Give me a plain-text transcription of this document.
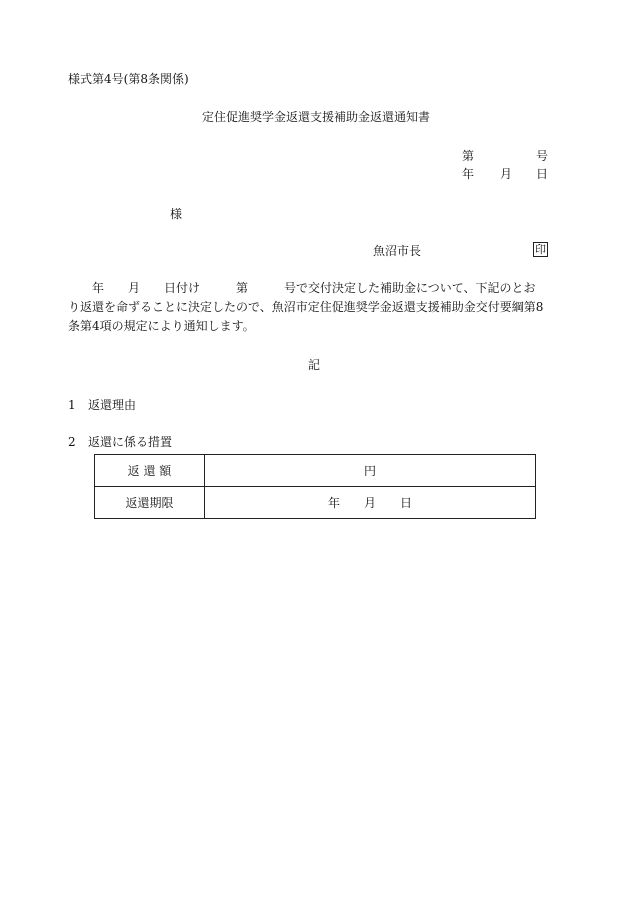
様式第4号(第8条関係)
定住促進奨学金返還支援補助金返還通知書
第	号
年 月 日
様
魚沼市長	印
年　　月　　日付け　　　第　　　号で交付決定した補助金について、下記のとお
り返還を命ずることに決定したので、魚沼市定住促進奨学金返還支援補助金交付要綱第8
条第4項の規定により通知します。
記
1 返還理由
2 返還に係る措置
返 還 額	円
返還期限	年　　月　　日
